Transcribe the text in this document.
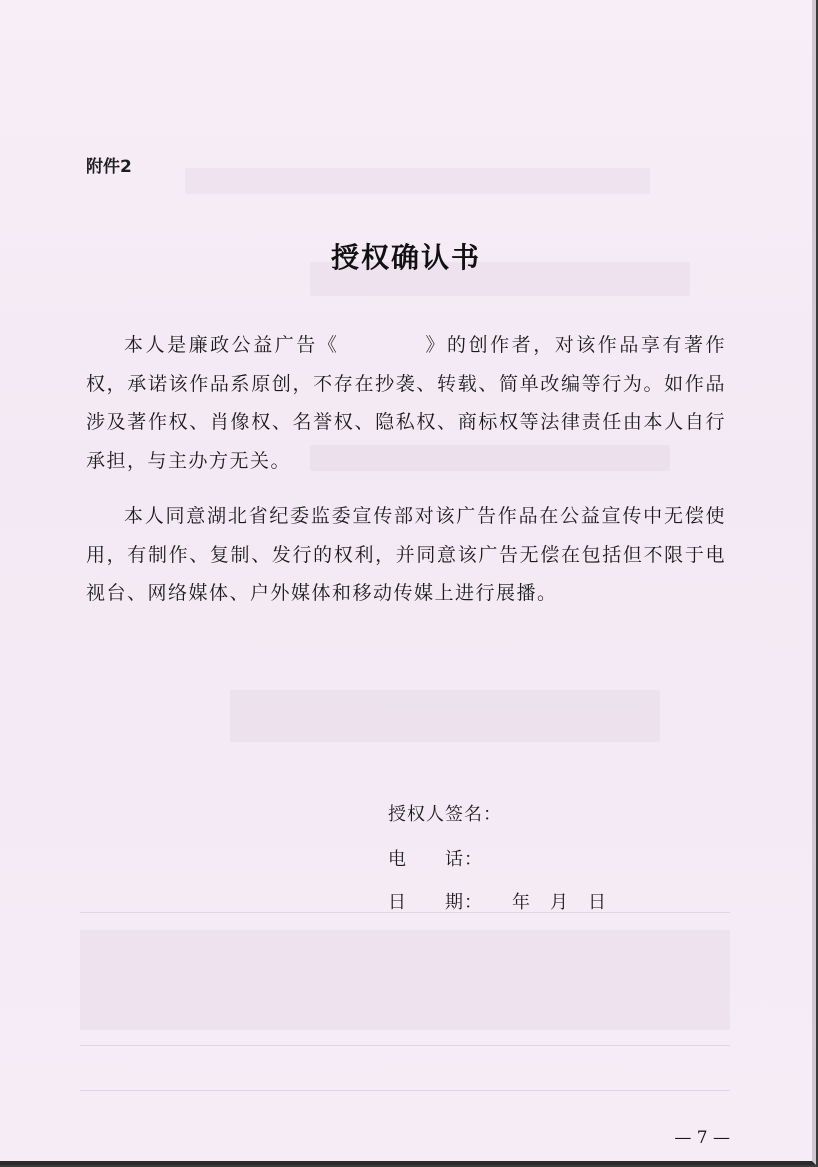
附件2
授权确认书
本人是廉政公益广告《　　　　》的创作者，对该作品享有著作权，承诺该作品系原创，不存在抄袭、转载、简单改编等行为。如作品涉及著作权、肖像权、名誉权、隐私权、商标权等法律责任由本人自行承担，与主办方无关。
本人同意湖北省纪委监委宣传部对该广告作品在公益宣传中无偿使用，有制作、复制、发行的权利，并同意该广告无偿在包括但不限于电视台、网络媒体、户外媒体和移动传媒上进行展播。
授权人签名：
电　　话：
日　　期：　　年　月　日
— 7 —
